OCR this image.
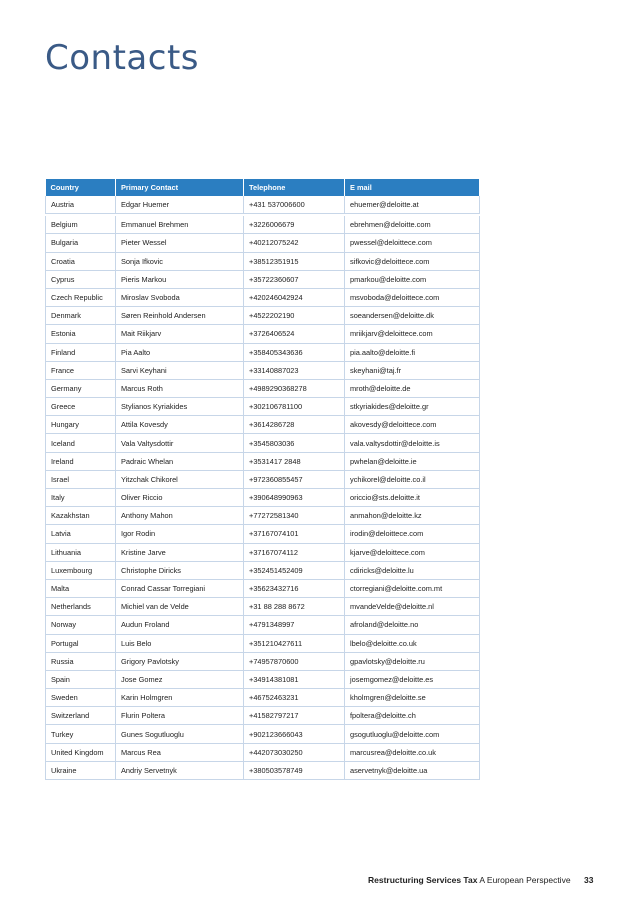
Contacts
Country	Primary Contact	Telephone	E mail
Austria	Edgar Huemer	+431 537006600	ehuemer@deloitte.at

Belgium	Emmanuel Brehmen	+3226006679	ebrehmen@deloitte.com
Bulgaria	Pieter Wessel	+40212075242	pwessel@deloittece.com
Croatia	Sonja Ifkovic	+38512351915	sifkovic@deloittece.com
Cyprus	Pieris Markou	+35722360607	pmarkou@deloitte.com
Czech Republic	Miroslav Svoboda	+420246042924	msvoboda@deloittece.com
Denmark	Søren Reinhold Andersen	+4522202190	soeandersen@deloitte.dk
Estonia	Mait Riikjarv	+3726406524	mriikjarv@deloittece.com
Finland	Pia Aalto	+358405343636	pia.aalto@deloitte.fi
France	Sarvi Keyhani	+33140887023	skeyhani@taj.fr
Germany	Marcus Roth	+4989290368278	mroth@deloitte.de
Greece	Stylianos Kyriakides	+302106781100	stkyriakides@deloitte.gr
Hungary	Attila Kovesdy	+3614286728	akovesdy@deloittece.com
Iceland	Vala Valtysdottir	+3545803036	vala.valtysdottir@deloitte.is
Ireland	Padraic Whelan	+3531417 2848	pwhelan@deloitte.ie
Israel	Yitzchak Chikorel	+972360855457	ychikorel@deloitte.co.il
Italy	Oliver Riccio	+390648990963	oriccio@sts.deloitte.it
Kazakhstan	Anthony Mahon	+77272581340	anmahon@deloitte.kz
Latvia	Igor Rodin	+37167074101	irodin@deloittece.com
Lithuania	Kristine Jarve	+37167074112	kjarve@deloittece.com
Luxembourg	Christophe Diricks	+352451452409	cdiricks@deloitte.lu
Malta	Conrad Cassar Torregiani	+35623432716	ctorregiani@deloitte.com.mt
Netherlands	Michiel van de Velde	+31 88 288 8672	mvandeVelde@deloitte.nl
Norway	Audun Froland	+4791348997	afroland@deloitte.no
Portugal	Luis Belo	+351210427611	lbelo@deloitte.co.uk
Russia	Grigory Pavlotsky	+74957870600	gpavlotsky@deloitte.ru
Spain	Jose Gomez	+34914381081	josemgomez@deloitte.es
Sweden	Karin Holmgren	+46752463231	kholmgren@deloitte.se
Switzerland	Flurin Poltera	+41582797217	fpoltera@deloitte.ch
Turkey	Gunes Sogutluoglu	+902123666043	gsogutluoglu@deloitte.com
United Kingdom	Marcus Rea	+442073030250	marcusrea@deloitte.co.uk
Ukraine	Andriy Servetnyk	+380503578749	aservetnyk@deloitte.ua
Restructuring Services Tax A European Perspective 33
